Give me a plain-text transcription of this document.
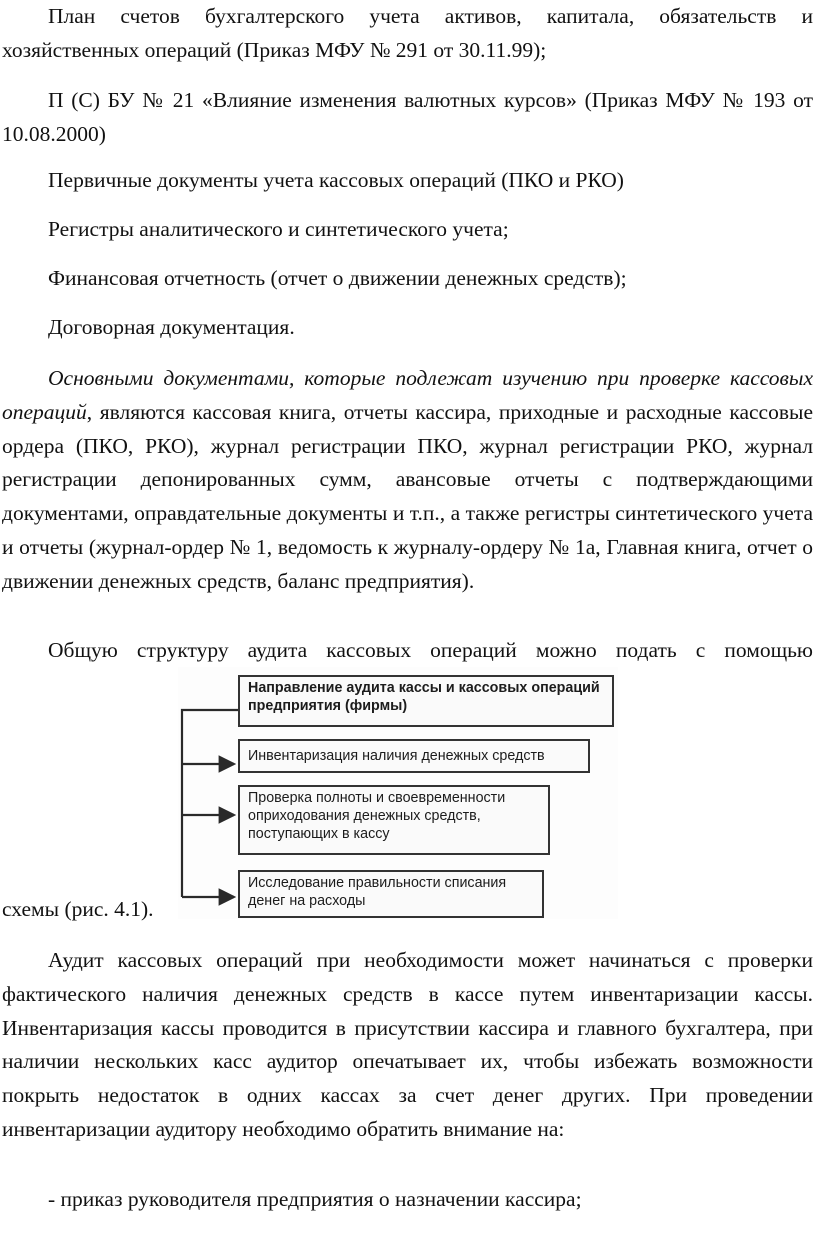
План счетов бухгалтерского учета активов, капитала, обязательств и хозяйственных операций (Приказ МФУ № 291 от 30.11.99);

П (С) БУ № 21 «Влияние изменения валютных курсов» (Приказ МФУ № 193 от 10.08.2000)

Первичные документы учета кассовых операций (ПКО и РКО)

Регистры аналитического и синтетического учета;

Финансовая отчетность (отчет о движении денежных средств);

Договорная документация.

Основными документами, которые подлежат изучению при проверке кассовых операций, являются кассовая книга, отчеты кассира, приходные и расходные кассовые ордера (ПКО, РКО), журнал регистрации ПКО, журнал регистрации РКО, журнал регистрации депонированных сумм, авансовые отчеты с подтверждающими документами, оправдательные документы и т.п., а также регистры синтетического учета и отчеты (журнал-ордер № 1, ведомость к журналу-ордеру № 1а, Главная книга, отчет о движении денежных средств, баланс предприятия).

Общую структуру аудита кассовых операций можно подать с помощью

Направление аудита кассы и кассовых операций предприятия (фирмы)
Инвентаризация наличия денежных средств
Проверка полноты и своевременности оприходования денежных средств, поступающих в кассу
Исследование правильности списания денег на расходы
схемы (рис. 4.1).

Аудит кассовых операций при необходимости может начинаться с проверки фактического наличия денежных средств в кассе путем инвентаризации кассы. Инвентаризация кассы проводится в присутствии кассира и главного бухгалтера, при наличии нескольких касс аудитор опечатывает их, чтобы избежать возможности покрыть недостаток в одних кассах за счет денег других. При проведении инвентаризации аудитору необходимо обратить внимание на:

- приказ руководителя предприятия о назначении кассира;
